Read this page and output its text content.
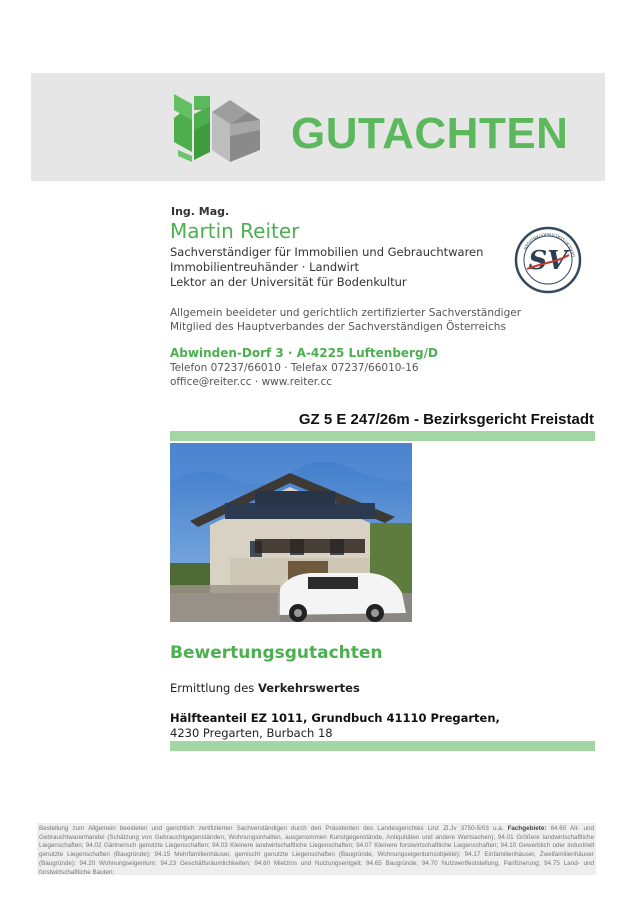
GUTACHTEN
Ing. Mag.
Martin Reiter
Sachverständiger für Immobilien und Gebrauchtwaren
Immobilientreuhänder · Landwirt
Lektor an der Universität für Bodenkultur
GERICHTSSACHVERSTÄNDIGER SV
Allgemein beeideter und gerichtlich zertifizierter Sachverständiger
Mitglied des Hauptverbandes der Sachverständigen Österreichs
Abwinden-Dorf 3 · A-4225 Luftenberg/D
Telefon 07237/66010 · Telefax 07237/66010-16
office@reiter.cc · www.reiter.cc
GZ 5 E 247/26m - Bezirksgericht Freistadt
Bewertungsgutachten
Ermittlung des Verkehrswertes
Hälfteanteil EZ 1011, Grundbuch 41110 Pregarten,
4230 Pregarten, Burbach 18
Bestellung zum Allgemein beeideten und gerichtlich zertifizierten Sachverständigen durch den Präsidenten des Landesgerichtes Linz Zl.Jv 3750-5/03 u.a. Fachgebiete: 84.60 Alt- und Gebrauchtwarenhandel (Schätzung von Gebrauchtgegenständen, Wohnungsinhalten, ausgenommen Kunstgegenstände, Antiquitäten und andere Wertsachen); 94.01 Größere landwirtschaftliche Liegenschaften; 94.02 Gärtnerisch genutzte Liegenschaften; 94.03 Kleinere landwirtschaftliche Liegenschaften; 94.07 Kleinere forstwirtschaftliche Liegenschaften; 94.10 Gewerblich oder industriell genutzte Liegenschaften (Baugründe); 94.15 Mehrfamilienhäuser, gemischt genutzte Liegenschaften (Baugründe, Wohnungseigentumsobjekte); 94.17 Einfamilienhäuser, Zweifamilienhäuser (Baugründe); 94.20 Wohnungseigentum; 94.23 Geschäftsräumlichkeiten; 94.60 Mietzins und Nutzungsentgelt; 94.65 Baugründe; 94.70 Nutzwertfeststellung, Parifizierung; 94.75 Land- und forstwirtschaftliche Bauten;
